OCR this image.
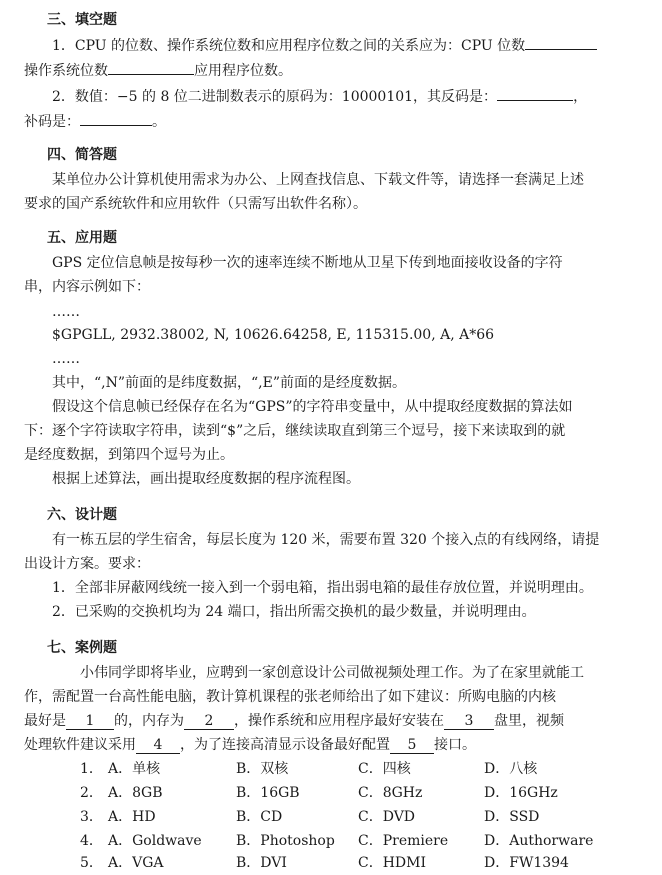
三、填空题
1．CPU 的位数、操作系统位数和应用程序位数之间的关系应为：CPU 位数
操作系统位数	应用程序位数。
2．数值：−5 的 8 位二进制数表示的原码为：10000101，其反码是：	，
补码是：	。
四、简答题
某单位办公计算机使用需求为办公、上网查找信息、下载文件等，请选择一套满足上述
要求的国产系统软件和应用软件（只需写出软件名称）。
五、应用题
GPS 定位信息帧是按每秒一次的速率连续不断地从卫星下传到地面接收设备的字符
串，内容示例如下：
……
$GPGLL, 2932.38002, N, 10626.64258, E, 115315.00, A, A*66
……
其中，“,N”前面的是纬度数据，“,E”前面的是经度数据。
假设这个信息帧已经保存在名为“GPS”的字符串变量中，从中提取经度数据的算法如
下：逐个字符读取字符串，读到“$”之后，继续读取直到第三个逗号，接下来读取到的就
是经度数据，到第四个逗号为止。
根据上述算法，画出提取经度数据的程序流程图。
六、设计题
有一栋五层的学生宿舍，每层长度为 120 米，需要布置 320 个接入点的有线网络，请提
出设计方案。要求：
1．全部非屏蔽网线统一接入到一个弱电箱，指出弱电箱的最佳存放位置，并说明理由。
2．已采购的交换机均为 24 端口，指出所需交换机的最少数量，并说明理由。
七、案例题
小伟同学即将毕业，应聘到一家创意设计公司做视频处理工作。为了在家里就能工
作，需配置一台高性能电脑，教计算机课程的张老师给出了如下建议：所购电脑的内核
最好是 1 的，内存为 2 ，操作系统和应用程序最好安装在 3 盘里，视频
处理软件建议采用 4 ，为了连接高清显示设备最好配置 5 接口。
1． A．单核	B．双核	C．四核	D．八核
2． A．8GB	B．16GB	C．8GHz	D．16GHz
3． A．HD	B．CD	C．DVD	D．SSD
4． A．Goldwave B．Photoshop C．Premiere	D．Authorware
5． A．VGA	B．DVI	C．HDMI	D．FW1394
